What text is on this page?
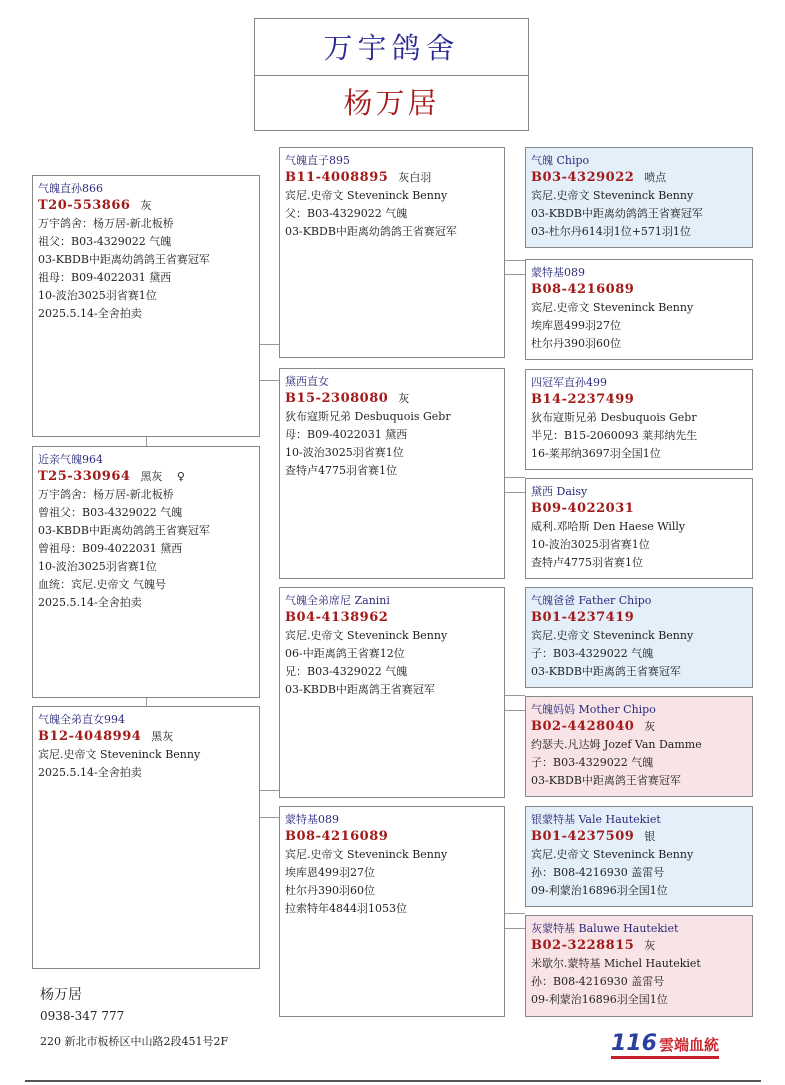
万宇鸽舍
杨万居
气魄直孙866
T20-553866 灰
万宇鸽舍：杨万居-新北板桥
祖父：B03-4329022 气魄
03-KBDB中距离幼鸽鸽王省赛冠军
祖母：B09-4022031 黛西
10-波治3025羽省赛1位
2025.5.14-全舍拍卖
近亲气魄964
T25-330964 黑灰　 ♀
万宇鸽舍：杨万居-新北板桥
曾祖父：B03-4329022 气魄
03-KBDB中距离幼鸽鸽王省赛冠军
曾祖母：B09-4022031 黛西
10-波治3025羽省赛1位
血统：宾尼.史帝文 气魄号
2025.5.14-全舍拍卖
气魄全弟直女994
B12-4048994 黑灰
宾尼.史帝文 Steveninck Benny
2025.5.14-全舍拍卖
气魄直子895
B11-4008895 灰白羽
宾尼.史帝文 Steveninck Benny
父：B03-4329022 气魄
03-KBDB中距离幼鸽鸽王省赛冠军
黛西直女
B15-2308080 灰
狄布寇斯兄弟 Desbuquois Gebr
母：B09-4022031 黛西
10-波治3025羽省赛1位
查特卢4775羽省赛1位
气魄全弟席尼 Zanini
B04-4138962
宾尼.史帝文 Steveninck Benny
06-中距离鸽王省赛12位
兄：B03-4329022 气魄
03-KBDB中距离鸽王省赛冠军
蒙特基089
B08-4216089
宾尼.史帝文 Steveninck Benny
埃库恩499羽27位
杜尔丹390羽60位
拉索特年4844羽1053位
气魄 Chipo
B03-4329022 喷点
宾尼.史帝文 Steveninck Benny
03-KBDB中距离幼鸽鸽王省赛冠军
03-杜尔丹614羽1位+571羽1位
蒙特基089
B08-4216089
宾尼.史帝文 Steveninck Benny
埃库恩499羽27位
杜尔丹390羽60位
四冠军直孙499
B14-2237499
狄布寇斯兄弟 Desbuquois Gebr
半兄：B15-2060093 莱邦纳先生
16-莱邦纳3697羽全国1位
黛西 Daisy
B09-4022031
威利.邓哈斯 Den Haese Willy
10-波治3025羽省赛1位
查特卢4775羽省赛1位
气魄爸爸 Father Chipo
B01-4237419
宾尼.史帝文 Steveninck Benny
子：B03-4329022 气魄
03-KBDB中距离鸽王省赛冠军
气魄妈妈 Mother Chipo
B02-4428040 灰
约瑟夫.凡达姆 Jozef Van Damme
子：B03-4329022 气魄
03-KBDB中距离鸽王省赛冠军
银蒙特基 Vale Hautekiet
B01-4237509 银
宾尼.史帝文 Steveninck Benny
孙：B08-4216930 盖雷号
09-利蒙治16896羽全国1位
灰蒙特基 Baluwe Hautekiet
B02-3228815 灰
米歇尔.蒙特基 Michel Hautekiet
孙：B08-4216930 盖雷号
09-利蒙治16896羽全国1位
杨万居
0938-347 777
220 新北市板桥区中山路2段451号2F	116 雲端血統
